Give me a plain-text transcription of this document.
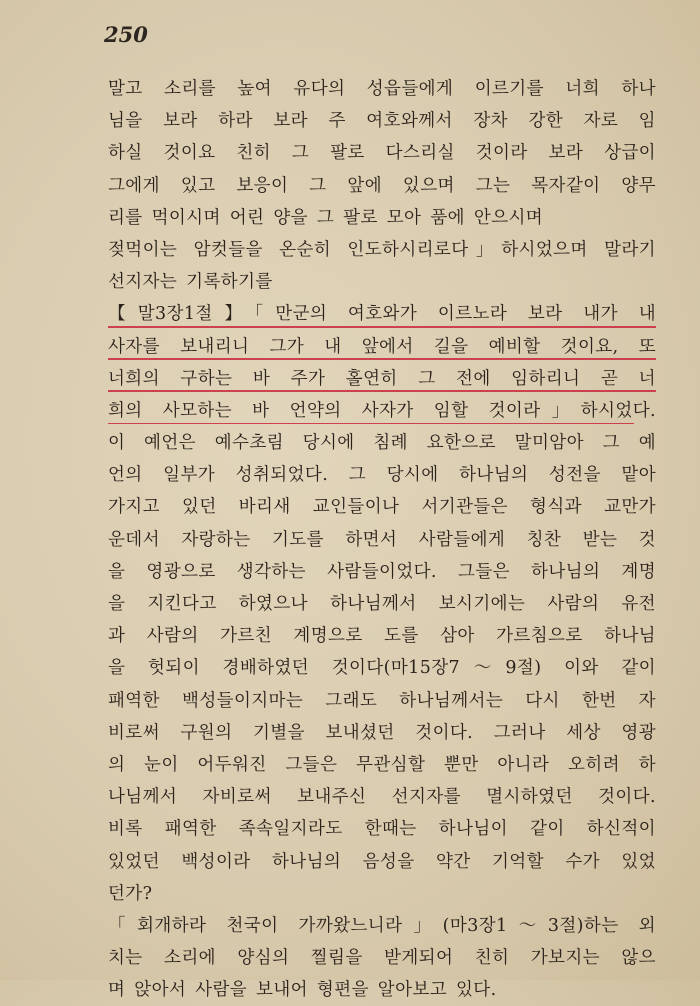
250
말고 소리를 높여 유다의 성읍들에게 이르기를 너희 하나
님을 보라 하라 보라 주 여호와께서 장차 강한 자로 임
하실 것이요 친히 그 팔로 다스리실 것이라 보라 상급이
그에게 있고 보응이 그 앞에 있으며 그는 목자같이 양무
리를 먹이시며 어린 양을 그 팔로 모아 품에 안으시며
젖먹이는 암컷들을 온순히 인도하시리로다」하시었으며 말라기
선지자는 기록하기를
【말3장1절】「만군의 여호와가 이르노라 보라 내가 내
사자를 보내리니 그가 내 앞에서 길을 예비할 것이요, 또
너희의 구하는 바 주가 홀연히 그 전에 임하리니 곧 너
희의 사모하는 바 언약의 사자가 임할 것이라」하시었다.
이 예언은 예수초림 당시에 침례 요한으로 말미암아 그 예
언의 일부가 성취되었다. 그 당시에 하나님의 성전을 맡아
가지고 있던 바리새 교인들이나 서기관들은 형식과 교만가
운데서 자랑하는 기도를 하면서 사람들에게 칭찬 받는 것
을 영광으로 생각하는 사람들이었다. 그들은 하나님의 계명
을 지킨다고 하였으나 하나님께서 보시기에는 사람의 유전
과 사람의 가르친 계명으로 도를 삼아 가르침으로 하나님
을 헛되이 경배하였던 것이다(마15장7～9절) 이와 같이
패역한 백성들이지마는 그래도 하나님께서는 다시 한번 자
비로써 구원의 기별을 보내셨던 것이다. 그러나 세상 영광
의 눈이 어두워진 그들은 무관심할 뿐만 아니라 오히려 하
나님께서 자비로써 보내주신 선지자를 멸시하였던 것이다.
비록 패역한 족속일지라도 한때는 하나님이 같이 하신적이
있었던 백성이라 하나님의 음성을 약간 기억할 수가 있었
던가?
「회개하라 천국이 가까왔느니라」(마3장1～3절)하는 외
치는 소리에 양심의 찔림을 받게되어 친히 가보지는 않으
며 앉아서 사람을 보내어 형편을 알아보고 있다.
